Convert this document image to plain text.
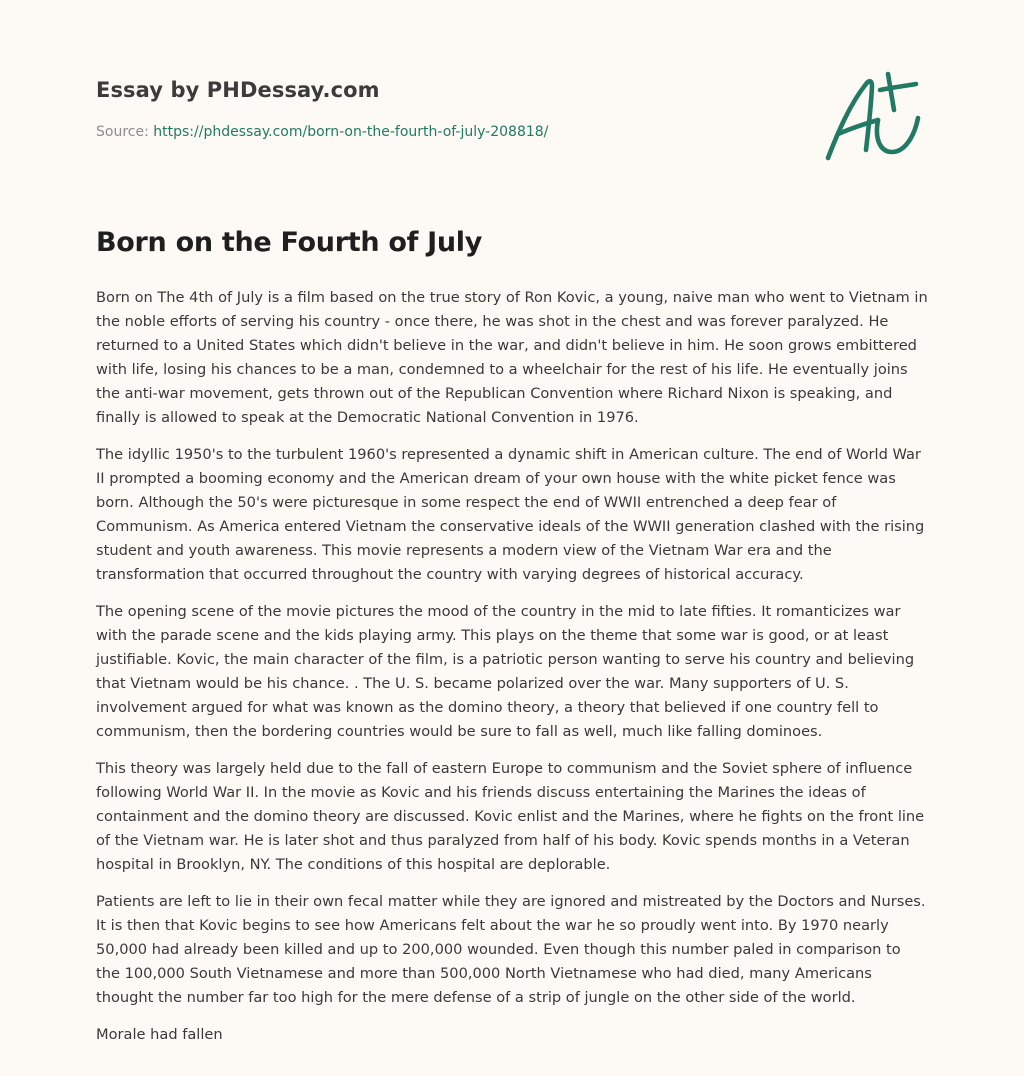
Essay by PHDessay.com
Source: https://phdessay.com/born-on-the-fourth-of-july-208818/
Born on the Fourth of July

Born on The 4th of July is a film based on the true story of Ron Kovic, a young, naive man who went to Vietnam in the noble efforts of serving his country - once there, he was shot in the chest and was forever paralyzed. He returned to a United States which didn't believe in the war, and didn't believe in him. He soon grows embittered with life, losing his chances to be a man, condemned to a wheelchair for the rest of his life. He eventually joins the anti-war movement, gets thrown out of the Republican Convention where Richard Nixon is speaking, and finally is allowed to speak at the Democratic National Convention in 1976.

The idyllic 1950's to the turbulent 1960's represented a dynamic shift in American culture. The end of World War II prompted a booming economy and the American dream of your own house with the white picket fence was born. Although the 50's were picturesque in some respect the end of WWII entrenched a deep fear of Communism. As America entered Vietnam the conservative ideals of the WWII generation clashed with the rising student and youth awareness. This movie represents a modern view of the Vietnam War era and the transformation that occurred throughout the country with varying degrees of historical accuracy.

The opening scene of the movie pictures the mood of the country in the mid to late fifties. It romanticizes war with the parade scene and the kids playing army. This plays on the theme that some war is good, or at least justifiable. Kovic, the main character of the film, is a patriotic person wanting to serve his country and believing that Vietnam would be his chance. . The U. S. became polarized over the war. Many supporters of U. S. involvement argued for what was known as the domino theory, a theory that believed if one country fell to communism, then the bordering countries would be sure to fall as well, much like falling dominoes.

This theory was largely held due to the fall of eastern Europe to communism and the Soviet sphere of influence following World War II. In the movie as Kovic and his friends discuss entertaining the Marines the ideas of containment and the domino theory are discussed. Kovic enlist and the Marines, where he fights on the front line of the Vietnam war. He is later shot and thus paralyzed from half of his body. Kovic spends months in a Veteran hospital in Brooklyn, NY. The conditions of this hospital are deplorable.

Patients are left to lie in their own fecal matter while they are ignored and mistreated by the Doctors and Nurses. It is then that Kovic begins to see how Americans felt about the war he so proudly went into. By 1970 nearly 50,000 had already been killed and up to 200,000 wounded. Even though this number paled in comparison to the 100,000 South Vietnamese and more than 500,000 North Vietnamese who had died, many Americans thought the number far too high for the mere defense of a strip of jungle on the other side of the world.

Morale had fallen
